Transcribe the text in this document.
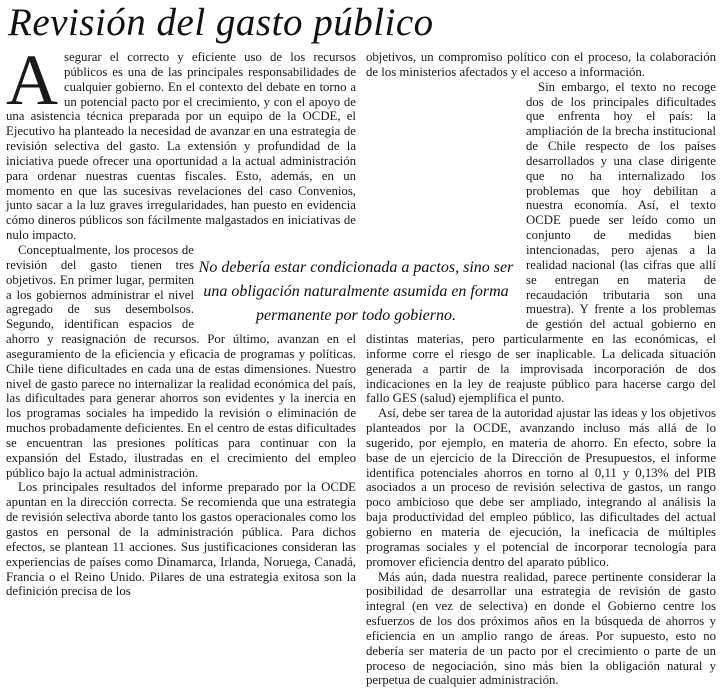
Revisión del gasto público

Asegurar el correcto y eficiente uso de los recursos públicos es una de las principales responsabilidades de cualquier gobierno. En el contexto del debate en torno a un potencial pacto por el crecimiento, y con el apoyo de una asistencia técnica preparada por un equipo de la OCDE, el Ejecutivo ha planteado la necesidad de avanzar en una estrategia de revisión selectiva del gasto. La extensión y profundidad de la iniciativa puede ofrecer una oportunidad a la actual administración para ordenar nuestras cuentas fiscales. Esto, además, en un momento en que las sucesivas revelaciones del caso Convenios, junto sacar a la luz graves irregularidades, han puesto en evidencia cómo dineros públicos son fácilmente malgastados en iniciativas de nulo impacto.

Conceptualmente, los procesos de revisión del gasto tienen tres objetivos. En primer lugar, permiten a los gobiernos administrar el nivel agregado de sus desembolsos. Segundo, identifican espacios de ahorro y reasignación de recursos. Por último, avanzan en el aseguramiento de la eficiencia y eficacia de programas y políticas. Chile tiene dificultades en cada una de estas dimensiones. Nuestro nivel de gasto parece no internalizar la realidad económica del país, las dificultades para generar ahorros son evidentes y la inercia en los programas sociales ha impedido la revisión o eliminación de muchos probadamente deficientes. En el centro de estas dificultades se encuentran las presiones políticas para continuar con la expansión del Estado, ilustradas en el crecimiento del empleo público bajo la actual administración.

Los principales resultados del informe preparado por la OCDE apuntan en la dirección correcta. Se recomienda que una estrategia de revisión selectiva aborde tanto los gastos operacionales como los gastos en personal de la administración pública. Para dichos efectos, se plantean 11 acciones. Sus justificaciones consideran las experiencias de países como Dinamarca, Irlanda, Noruega, Canadá, Francia o el Reino Unido. Pilares de una estrategia exitosa son la definición precisa de los

objetivos, un compromiso político con el proceso, la colaboración de los ministerios afectados y el acceso a información.

Sin embargo, el texto no recoge dos de los principales dificultades que enfrenta hoy el país: la ampliación de la brecha institucional de Chile respecto de los países desarrollados y una clase dirigente que no ha internalizado los problemas que hoy debilitan a nuestra economía. Así, el texto OCDE puede ser leído como un conjunto de medidas bien intencionadas, pero ajenas a la realidad nacional (las cifras que allí se entregan en materia de recaudación tributaria son una muestra). Y frente a los problemas de gestión del actual gobierno en distintas materias, pero particularmente en las económicas, el informe corre el riesgo de ser inaplicable. La delicada situación generada a partir de la improvisada incorporación de dos indicaciones en la ley de reajuste público para hacerse cargo del fallo GES (salud) ejemplifica el punto.

Así, debe ser tarea de la autoridad ajustar las ideas y los objetivos planteados por la OCDE, avanzando incluso más allá de lo sugerido, por ejemplo, en materia de ahorro. En efecto, sobre la base de un ejercicio de la Dirección de Presupuestos, el informe identifica potenciales ahorros en torno al 0,11 y 0,13% del PIB asociados a un proceso de revisión selectiva de gastos, un rango poco ambicioso que debe ser ampliado, integrando al análisis la baja productividad del empleo público, las dificultades del actual gobierno en materia de ejecución, la ineficacia de múltiples programas sociales y el potencial de incorporar tecnología para promover eficiencia dentro del aparato público.

Más aún, dada nuestra realidad, parece pertinente considerar la posibilidad de desarrollar una estrategia de revisión de gasto integral (en vez de selectiva) en donde el Gobierno centre los esfuerzos de los dos próximos años en la búsqueda de ahorros y eficiencia en un amplio rango de áreas. Por supuesto, esto no debería ser materia de un pacto por el crecimiento o parte de un proceso de negociación, sino más bien la obligación natural y perpetua de cualquier administración.

No debería estar condicionada a pactos, sino ser una obligación naturalmente asumida en forma permanente por todo gobierno.
